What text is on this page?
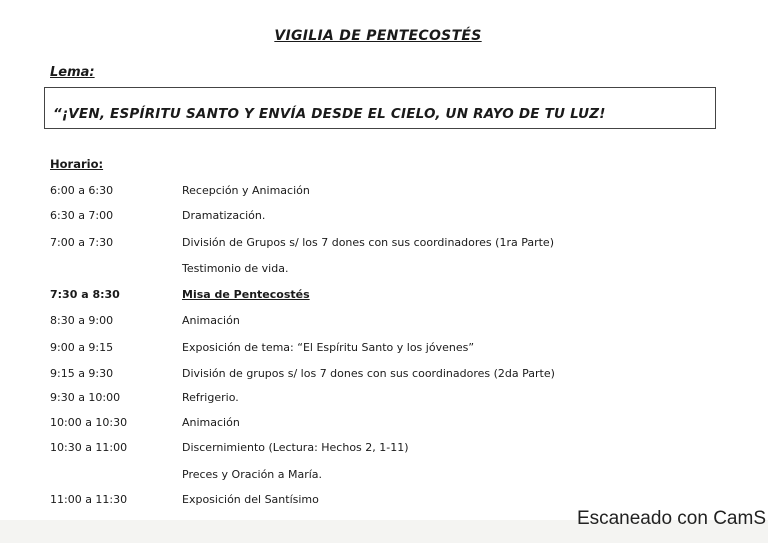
VIGILIA DE PENTECOSTÉS
Lema:
“¡VEN, ESPÍRITU SANTO Y ENVÍA DESDE EL CIELO, UN RAYO DE TU LUZ!
Horario:
6:00 a 6:30	Recepción y Animación
6:30 a 7:00	Dramatización.
7:00 a 7:30	División de Grupos s/ los 7 dones con sus coordinadores (1ra Parte)
Testimonio de vida.
7:30 a 8:30	Misa de Pentecostés
8:30 a 9:00	Animación
9:00 a 9:15	Exposición de tema: “El Espíritu Santo y los jóvenes”
9:15 a 9:30	División de grupos s/ los 7 dones con sus coordinadores (2da Parte)
9:30 a 10:00	Refrigerio.
10:00 a 10:30	Animación
10:30 a 11:00	Discernimiento (Lectura: Hechos 2, 1-11)
Preces y Oración a María.
11:00 a 11:30	Exposición del Santísimo
Escaneado con CamS
